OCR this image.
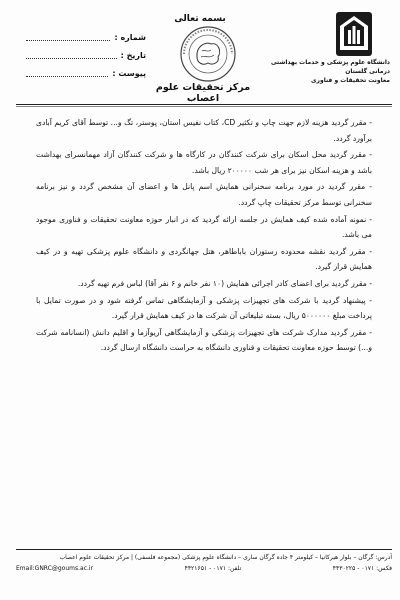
بسمه تعالی
شماره :
تاریخ :
پیوست :
مرکز تحقیقات علوم اعصاب
دانشگاه علوم پزشکی و خدمات بهداشتی درمانی گلستان
معاونت تحقیقات و فناوری

- مقرر گردید هزینه لازم جهت چاپ و تکثیر CD، کتاب نفیس استان، پوستر، تگ و... توسط آقای کریم آبادی برآورد گردد.

- مقرر گردید محل اسکان برای شرکت کنندگان در کارگاه ها و شرکت کنندگان آزاد مهمانسرای بهداشت باشد و هزینه اسکان نیز برای هر شب ۲۰۰۰۰۰ ریال باشد.

- مقرر گردید در مورد برنامه سخنرانی همایش اسم پانل ها و اعضای آن مشخص گردد و نیز برنامه سخنرانی توسط مرکز تحقیقات چاپ گردد.

- نمونه آماده شده کیف همایش در جلسه ارائه گردید که در انبار حوزه معاونت تحقیقات و فناوری موجود می باشد.

- مقرر گردید نقشه محدوده رستوران باباطاهر، هتل جهانگردی و دانشگاه علوم پزشکی تهیه و در کیف همایش قرار گیرد.

- مقرر گردید برای اعضای کادر اجرائی همایش (۱۰ نفر خانم و ۶ نفر آقا) لباس فرم تهیه گردد.

- پیشنهاد گردید با شرکت های تجهیزات پزشکی و آزمایشگاهی تماس گرفته شود و در صورت تمایل با پرداخت مبلغ ۵۰۰۰۰۰۰ ریال، بسته تبلیغاتی آن شرکت ها در کیف همایش قرار گیرد.

- مقرر گردید مدارک شرکت های تجهیزات پزشکی و آزمایشگاهی آریوآزما و اقلیم دانش (انسانامه شرکت و...) توسط حوزه معاونت تحقیقات و فناوری دانشگاه به حراست دانشگاه ارسال گردد.

آدرس: گرگان – بلوار هیرکانیا – کیلومتر ۴ جاده گرگان ساری – دانشگاه علوم پزشکی (مجموعه فلسفی) | مرکز تحقیقات علوم اعصاب
Email:GNRC@goums.ac.ir	تلفن: ۰۱۷۱ - ۴۴۲۱۶۵۱	فکس: ۰۱۷۱ - ۴۴۳۰۲۲۵
